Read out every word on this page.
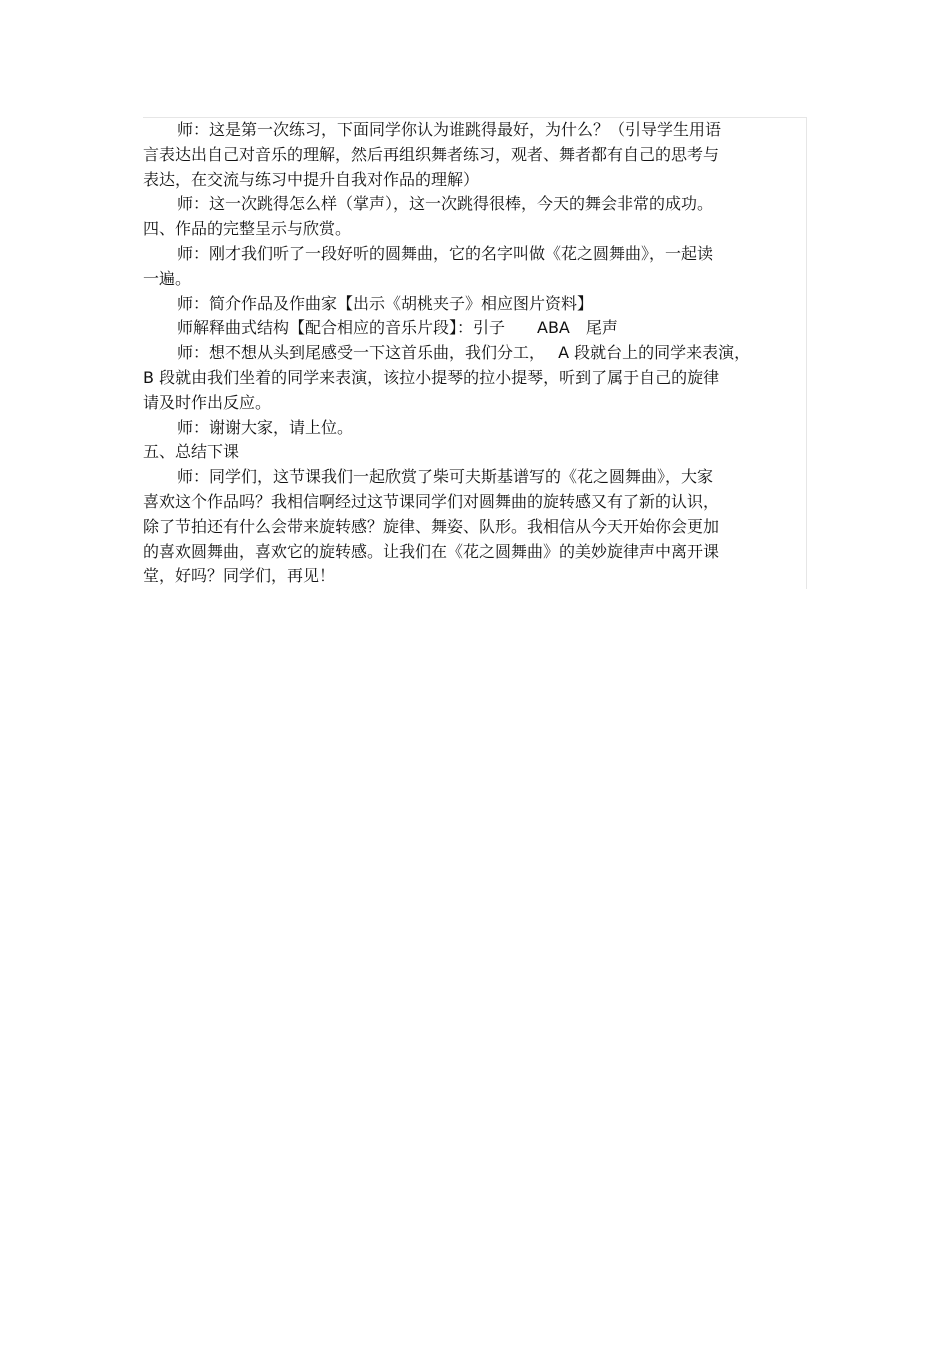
师：这是第一次练习，下面同学你认为谁跳得最好，为什么？（引导学生用语
言表达出自己对音乐的理解，然后再组织舞者练习，观者、舞者都有自己的思考与
表达，在交流与练习中提升自我对作品的理解）
师：这一次跳得怎么样（掌声），这一次跳得很棒，今天的舞会非常的成功。
四、作品的完整呈示与欣赏。
师：刚才我们听了一段好听的圆舞曲，它的名字叫做《花之圆舞曲》，一起读
一遍。
师：简介作品及作曲家【出示《胡桃夹子》相应图片资料】
师解释曲式结构【配合相应的音乐片段】：引子　　ABA　尾声
师：想不想从头到尾感受一下这首乐曲，我们分工，　 A 段就台上的同学来表演，
B 段就由我们坐着的同学来表演，该拉小提琴的拉小提琴，听到了属于自己的旋律
请及时作出反应。
师：谢谢大家，请上位。
五、总结下课
师：同学们，这节课我们一起欣赏了柴可夫斯基谱写的《花之圆舞曲》，大家
喜欢这个作品吗？我相信啊经过这节课同学们对圆舞曲的旋转感又有了新的认识，
除了节拍还有什么会带来旋转感？旋律、舞姿、队形。我相信从今天开始你会更加
的喜欢圆舞曲，喜欢它的旋转感。让我们在《花之圆舞曲》的美妙旋律声中离开课
堂，好吗？同学们，再见！
